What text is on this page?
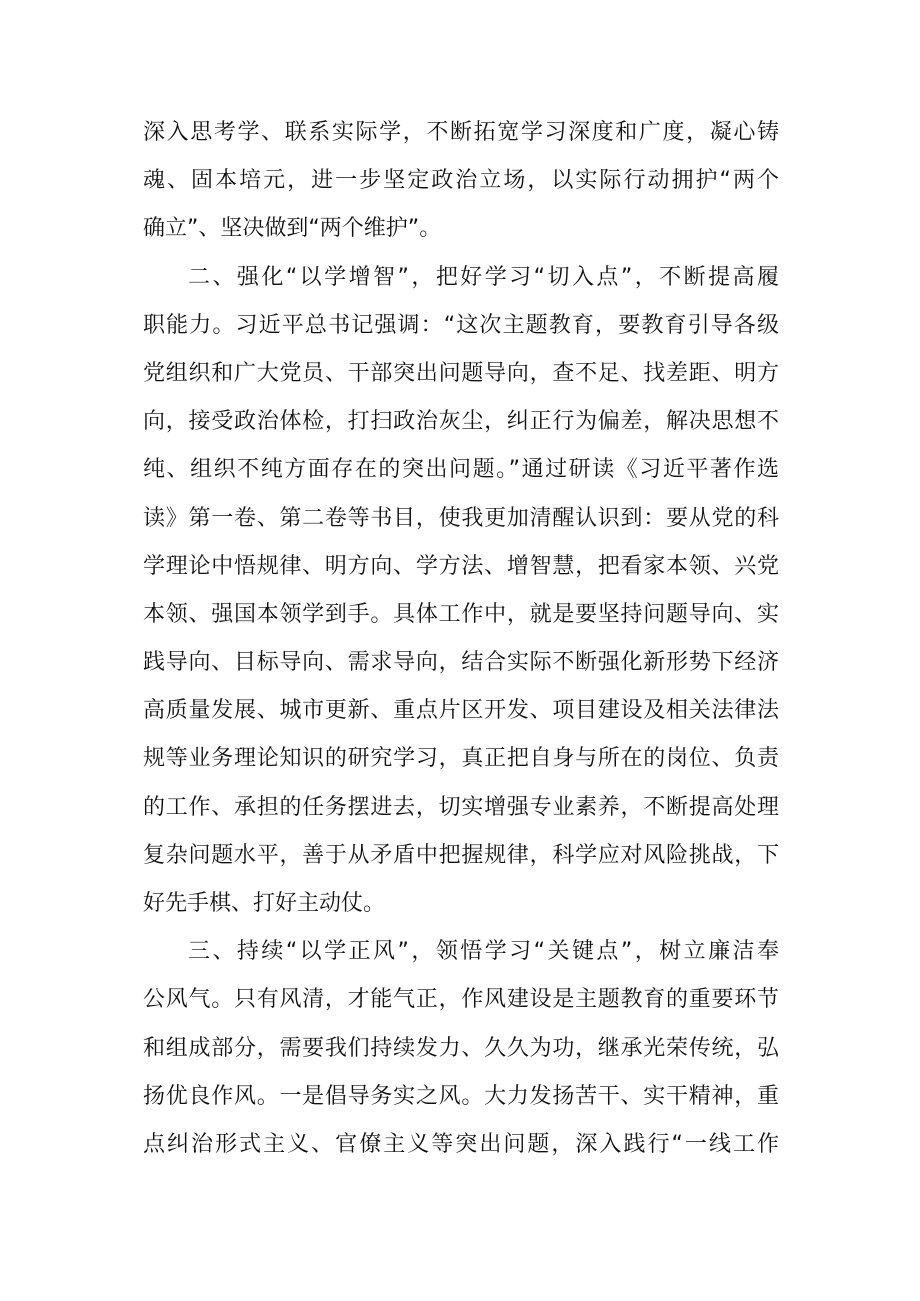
深入思考学、联系实际学，不断拓宽学习深度和广度，凝心铸
魂、固本培元，进一步坚定政治立场，以实际行动拥护“两个
确立”、坚决做到“两个维护”。
二、强化“以学增智”，把好学习“切入点”，不断提高履
职能力。习近平总书记强调：“这次主题教育，要教育引导各级
党组织和广大党员、干部突出问题导向，查不足、找差距、明方
向，接受政治体检，打扫政治灰尘，纠正行为偏差，解决思想不
纯、组织不纯方面存在的突出问题。”通过研读《习近平著作选
读》第一卷、第二卷等书目，使我更加清醒认识到：要从党的科
学理论中悟规律、明方向、学方法、增智慧，把看家本领、兴党
本领、强国本领学到手。具体工作中，就是要坚持问题导向、实
践导向、目标导向、需求导向，结合实际不断强化新形势下经济
高质量发展、城市更新、重点片区开发、项目建设及相关法律法
规等业务理论知识的研究学习，真正把自身与所在的岗位、负责
的工作、承担的任务摆进去，切实增强专业素养，不断提高处理
复杂问题水平，善于从矛盾中把握规律，科学应对风险挑战，下
好先手棋、打好主动仗。
三、持续“以学正风”，领悟学习“关键点”，树立廉洁奉
公风气。只有风清，才能气正，作风建设是主题教育的重要环节
和组成部分，需要我们持续发力、久久为功，继承光荣传统，弘
扬优良作风。一是倡导务实之风。大力发扬苦干、实干精神，重
点纠治形式主义、官僚主义等突出问题，深入践行“一线工作
